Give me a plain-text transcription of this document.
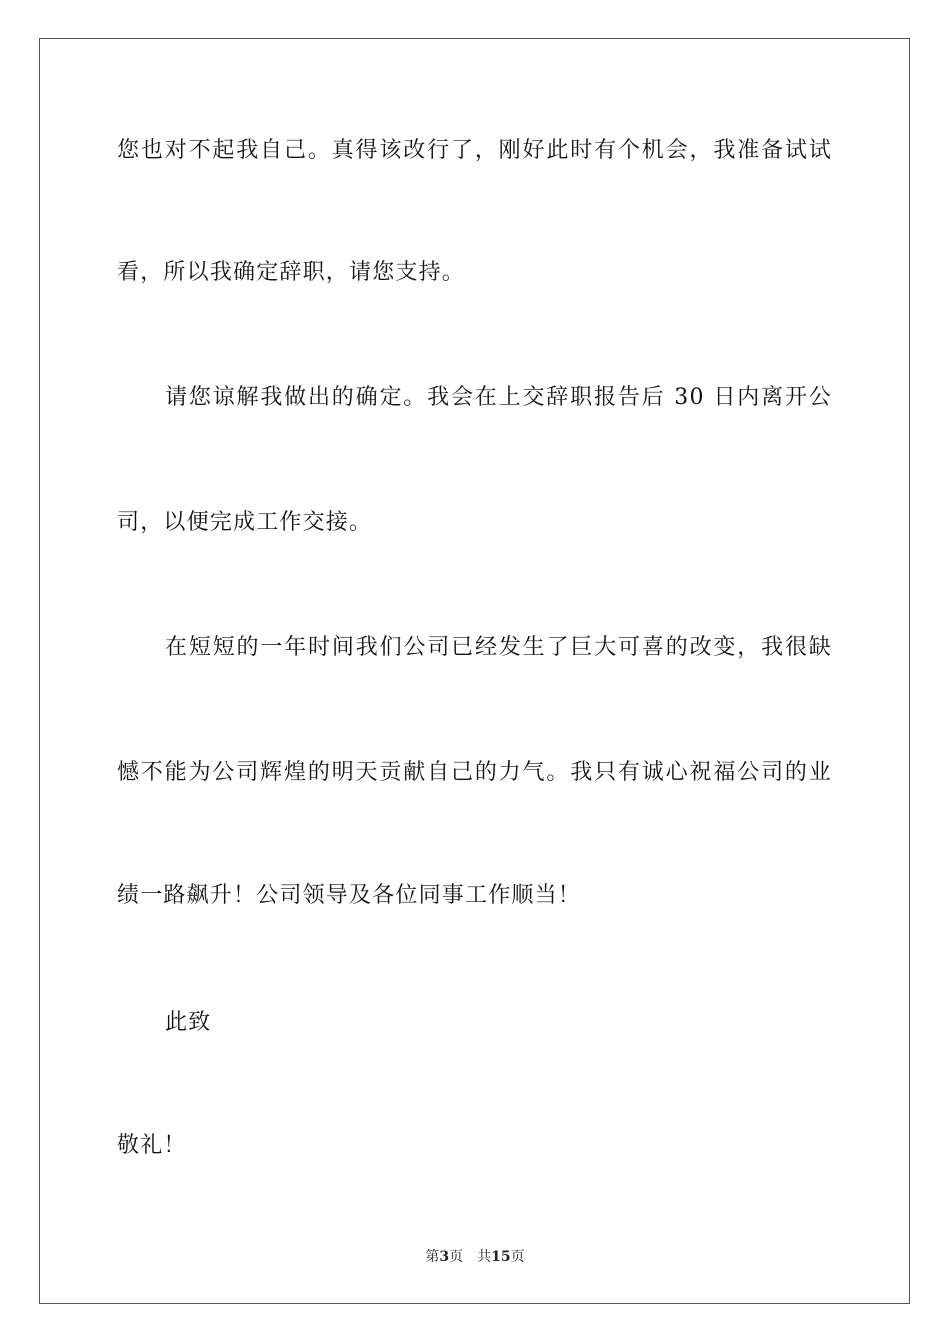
您也对不起我自己。真得该改行了，刚好此时有个机会，我准备试试
看，所以我确定辞职，请您支持。
请您谅解我做出的确定。我会在上交辞职报告后 30 日内离开公
司，以便完成工作交接。
在短短的一年时间我们公司已经发生了巨大可喜的改变，我很缺
憾不能为公司辉煌的明天贡献自己的力气。我只有诚心祝福公司的业
绩一路飙升！公司领导及各位同事工作顺当！
此致
敬礼！
第3页 共15页
